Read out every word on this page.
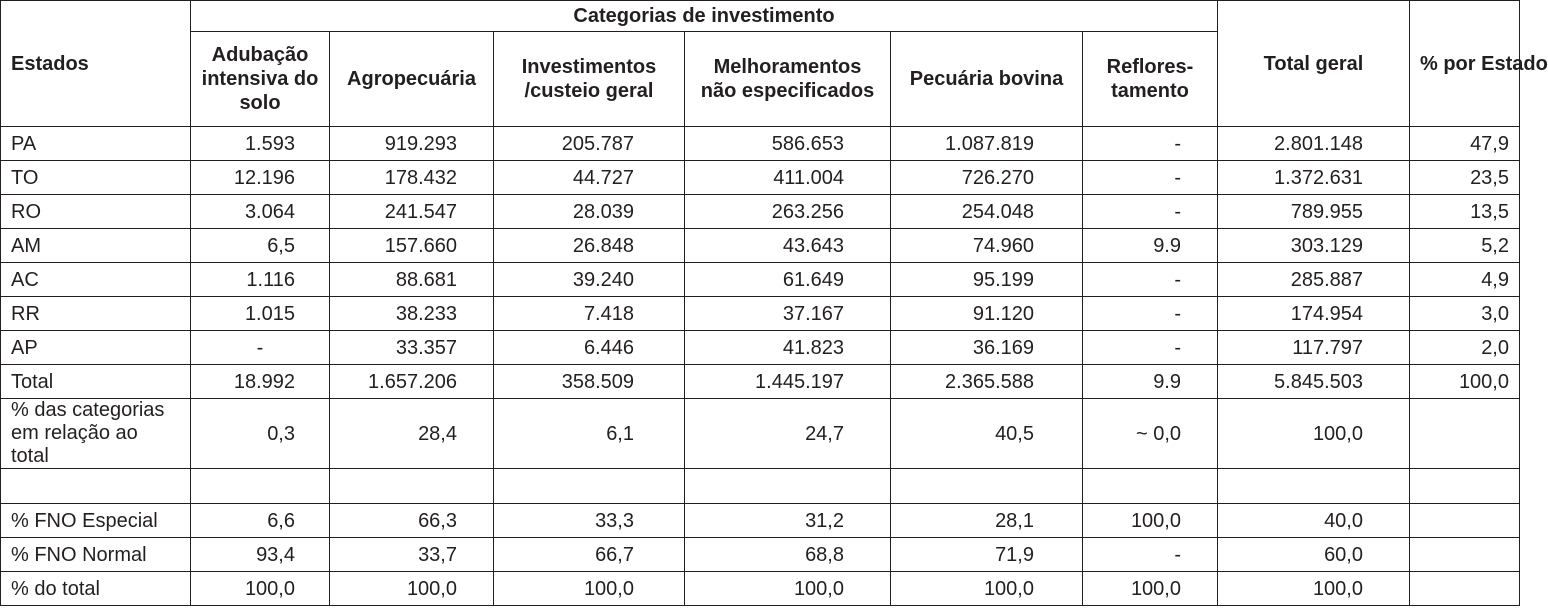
Estados	Categorias de investimento						Total geral	% por Estado
	Adubação intensiva do solo	Agropecuária	Investimentos /custeio geral	Melhoramentos não especificados	Pecuária bovina	Reflores-tamento		
PA	1.593	919.293	205.787	586.653	1.087.819	-	2.801.148	47,9
TO	12.196	178.432	44.727	411.004	726.270	-	1.372.631	23,5
RO	3.064	241.547	28.039	263.256	254.048	-	789.955	13,5
AM	6,5	157.660	26.848	43.643	74.960	9.9	303.129	5,2
AC	1.116	88.681	39.240	61.649	95.199	-	285.887	4,9
RR	1.015	38.233	7.418	37.167	91.120	-	174.954	3,0
AP	-	33.357	6.446	41.823	36.169	-	117.797	2,0
Total	18.992	1.657.206	358.509	1.445.197	2.365.588	9.9	5.845.503	100,0
% das categorias em relação ao total	0,3	28,4	6,1	24,7	40,5	~ 0,0	100,0	

% FNO Especial	6,6	66,3	33,3	31,2	28,1	100,0	40,0	
% FNO Normal	93,4	33,7	66,7	68,8	71,9	-	60,0	
% do total	100,0	100,0	100,0	100,0	100,0	100,0	100,0	
